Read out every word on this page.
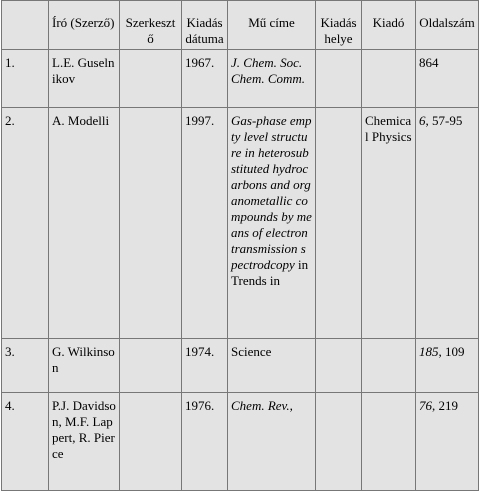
	Író (Szerző)	Szerkesztő	Kiadás dátuma	Mű címe	Kiadás helye	Kiadó	Oldalszám
1.	L.E. Guselnikov		1967.	J. Chem. Soc. Chem. Comm.			864
2.	A. Modelli		1997.	Gas-phase empty level structure in heterosubstituted hydrocarbons and organometallic compounds by means of electron transmission spectrodcopy in Trends in		Chemical Physics	6, 57-95
3.	G. Wilkinson		1974.	Science			185, 109
4.	P.J. Davidson, M.F. Lappert, R. Pierce		1976.	Chem. Rev.,			76, 219
